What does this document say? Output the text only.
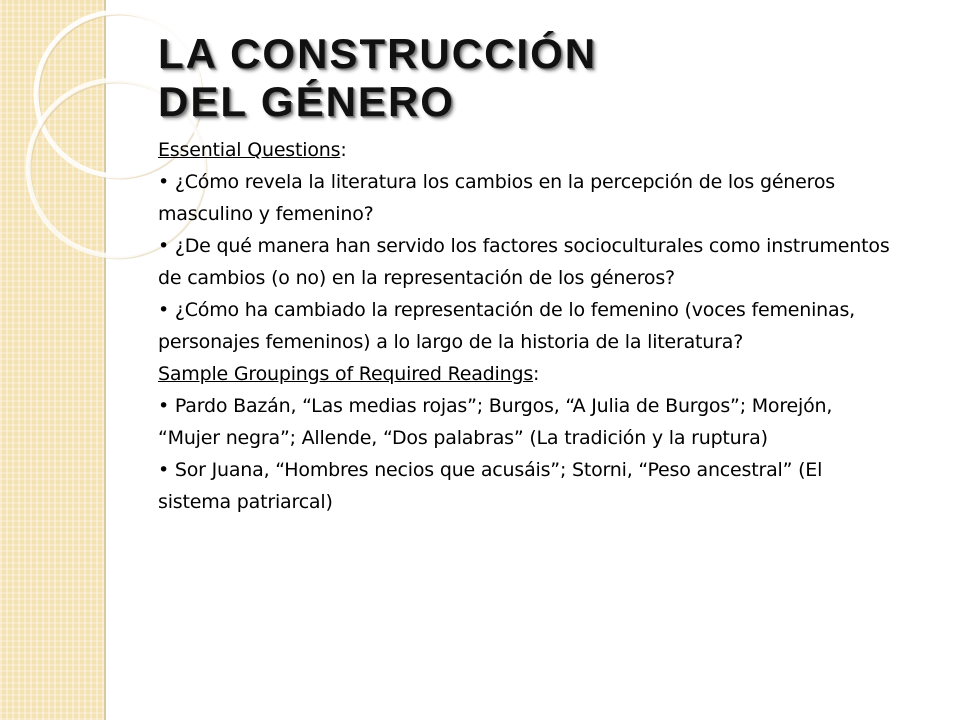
LA CONSTRUCCIÓN
DEL GÉNERO

Essential Questions:

• ¿Cómo revela la literatura los cambios en la percepción de los géneros masculino y femenino?

• ¿De qué manera han servido los factores socioculturales como instrumentos de cambios (o no) en la representación de los géneros?

• ¿Cómo ha cambiado la representación de lo femenino (voces femeninas, personajes femeninos) a lo largo de la historia de la literatura?

Sample Groupings of Required Readings:

• Pardo Bazán, “Las medias rojas”; Burgos, “A Julia de Burgos”; Morejón, “Mujer negra”; Allende, “Dos palabras” (La tradición y la ruptura)

• Sor Juana, “Hombres necios que acusáis”; Storni, “Peso ancestral” (El sistema patriarcal)
